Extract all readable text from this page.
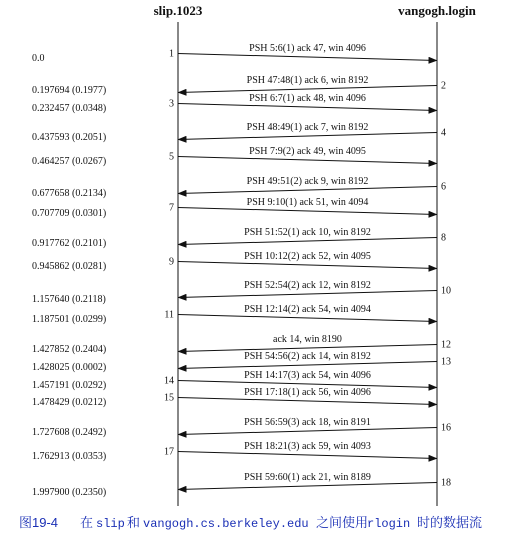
slip.1023	vangogh.login
0.0
0.197694 (0.1977)
0.232457 (0.0348)
0.437593 (0.2051)
0.464257 (0.0267)
0.677658 (0.2134)
0.707709 (0.0301)
0.917762 (0.2101)
0.945862 (0.0281)
1.157640 (0.2118)
1.187501 (0.0299)
1.427852 (0.2404)
1.428025 (0.0002)
1.457191 (0.0292)
1.478429 (0.0212)
1.727608 (0.2492)
1.762913 (0.0353)
1.997900 (0.2350)
PSH 5:6(1) ack 47, win 4096
1
PSH 47:48(1) ack 6, win 8192	2
PSH 6:7(1) ack 48, win 4096
3
PSH 48:49(1) ack 7, win 8192	4
PSH 7:9(2) ack 49, win 4095
5
PSH 49:51(2) ack 9, win 8192	6
PSH 9:10(1) ack 51, win 4094
7
PSH 51:52(1) ack 10, win 8192	8
PSH 10:12(2) ack 52, win 4095
9
PSH 52:54(2) ack 12, win 8192	10
PSH 12:14(2) ack 54, win 4094
11
ack 14, win 8190	12
PSH 54:56(2) ack 14, win 8192	13
PSH 14:17(3) ack 54, win 4096
14
PSH 17:18(1) ack 56, win 4096
15
PSH 56:59(3) ack 18, win 8191	16
PSH 18:21(3) ack 59, win 4093
17
PSH 59:60(1) ack 21, win 8189	18
图19-4 在 slip 和 vangogh.cs.berkeley.edu 之间使用 rlogin 时的数据流
